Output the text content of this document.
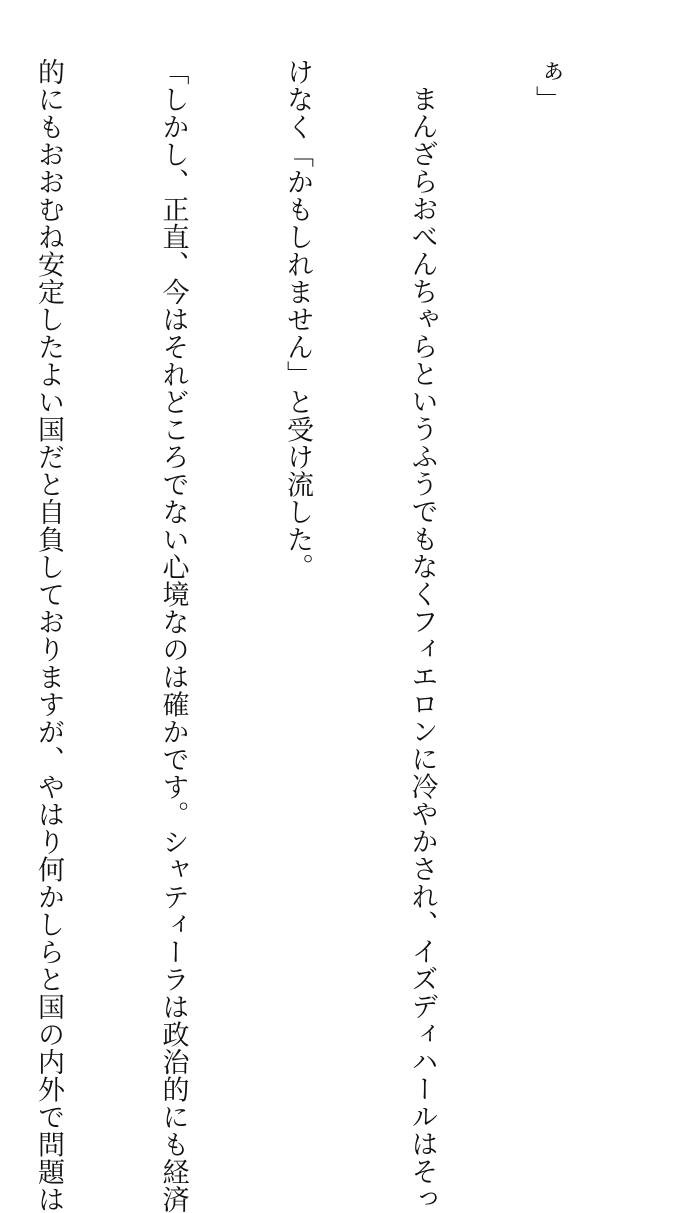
ぁ」

まんざらおべんちゃらというふうでもなくフィエロンに冷やかされ、イズディハールはそっ

けなく「かもしれません」と受け流した。

「しかし、正直、今はそれどころでない心境なのは確かです。シャティーラは政治的にも経済

的にもおおむね安定したよい国だと自負しておりますが、やはり何かしらと国の内外で問題は
